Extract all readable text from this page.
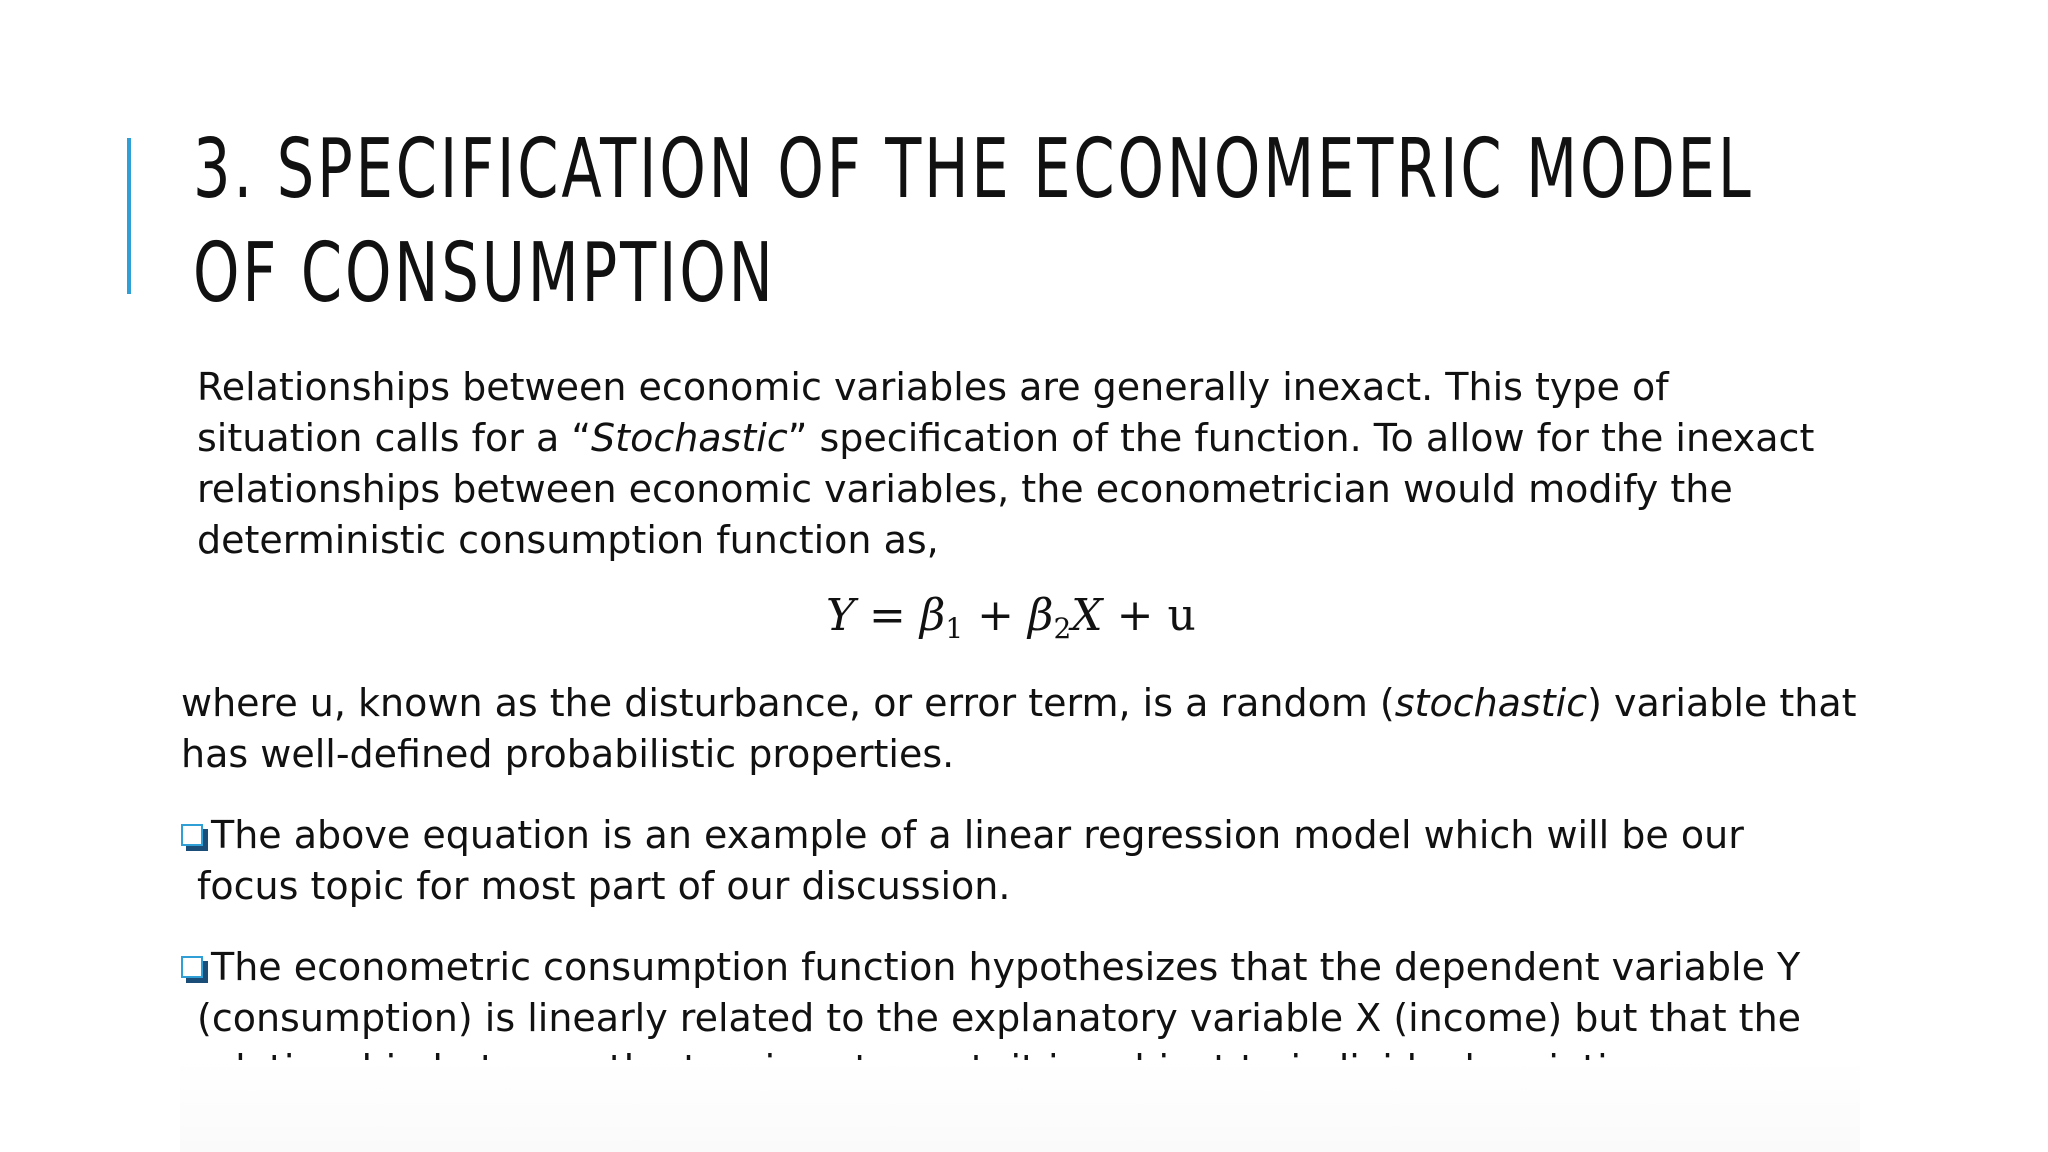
3. SPECIFICATION OF THE ECONOMETRIC MODEL
OF CONSUMPTION
Relationships between economic variables are generally inexact. This type of
situation calls for a “Stochastic” specification of the function. To allow for the inexact
relationships between economic variables, the econometrician would modify the
deterministic consumption function as,
$Y = \beta_1 + \beta_2X + u$
where u, known as the disturbance, or error term, is a random (stochastic) variable that
has well-defined probabilistic properties.
The above equation is an example of a linear regression model which will be our
focus topic for most part of our discussion.
The econometric consumption function hypothesizes that the dependent variable Y
(consumption) is linearly related to the explanatory variable X (income) but that the
